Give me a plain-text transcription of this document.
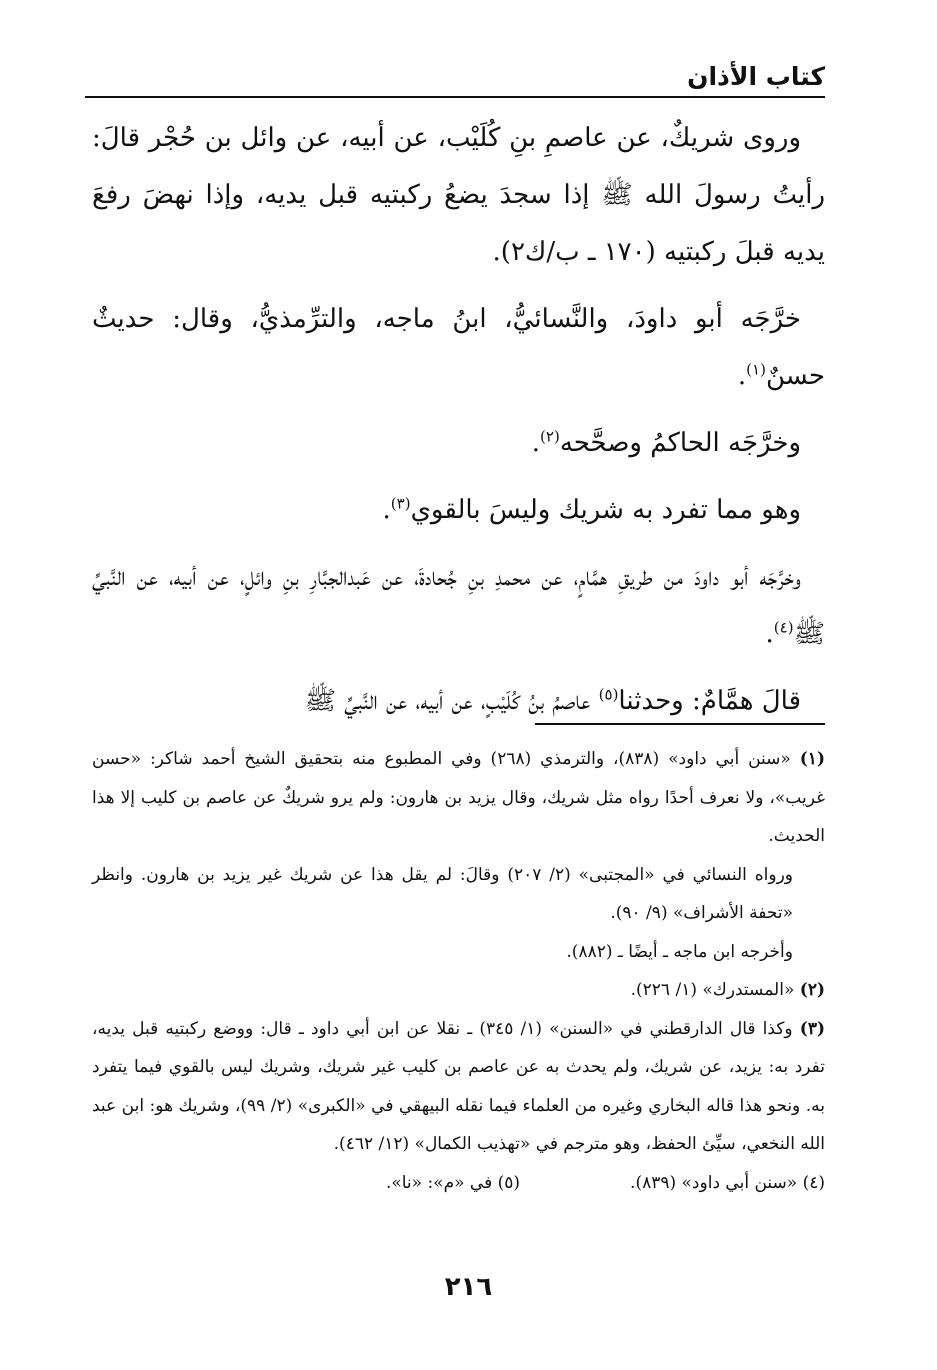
كتاب الأذان

وروى شريكٌ، عن عاصمِ بنِ كُلَيْب، عن أبيه، عن وائل بن حُجْر قالَ: رأيتُ رسولَ الله ﷺ إذا سجدَ يضعُ ركبتيه قبل يديه، وإذا نهضَ رفعَ يديه قبلَ ركبتيه (١٧٠ ـ ب/ك٢).

خرَّجَه أبو داودَ، والنَّسائيُّ، ابنُ ماجه، والترِّمذيُّ، وقال: حديثٌ حسنٌ$^{(١)}$.

وخرَّجَه الحاكمُ وصحَّحه$^{(٢)}$.

وهو مما تفرد به شريك وليسَ بالقوي$^{(٣)}$.

وخرَّجَه أبو داودَ من طريقِ همَّامٍ، عن محمدِ بنِ جُحادةَ، عن عَبدالجبَّارِ بنِ وائلٍ، عن أبيه، عن النَّبيِّ ﷺ$^{(٤)}$.

قالَ همَّامٌ: وحدثنا$^{(٥)}$ عاصمُ بنُ كُلَيْبٍ، عن أبيه، عن النَّبيِّ ﷺ

(١) «سنن أبي داود» (٨٣٨)، والترمذي (٢٦٨) وفي المطبوع منه بتحقيق الشيخ أحمد شاكر: «حسن غريب»، ولا نعرف أحدًا رواه مثل شريك، وقال يزيد بن هارون: ولم يرو شريكٌ عن عاصم بن كليب إلا هذا الحديث.

ورواه النسائي في «المجتبى» (٢/ ٢٠٧) وقالَ: لم يقل هذا عن شريك غير يزيد بن هارون. وانظر «تحفة الأشراف» (٩/ ٩٠).

وأخرجه ابن ماجه ـ أيضًا ـ (٨٨٢).

(٢) «المستدرك» (١/ ٢٢٦).

(٣) وكذا قال الدارقطني في «السنن» (١/ ٣٤٥) ـ نقلا عن ابن أبي داود ـ قال: ووضع ركبتيه قبل يديه، تفرد به: يزيد، عن شريك، ولم يحدث به عن عاصم بن كليب غير شريك، وشريك ليس بالقوي فيما يتفرد به. ونحو هذا قاله البخاري وغيره من العلماء فيما نقله البيهقي في «الكبرى» (٢/ ٩٩)، وشريك هو: ابن عبد الله النخعي، سيِّئ الحفظ، وهو مترجم في «تهذيب الكمال» (١٢/ ٤٦٢).

(٤) «سنن أبي داود» (٨٣٩).
(٥) في «م»: «نا».
٢١٦
